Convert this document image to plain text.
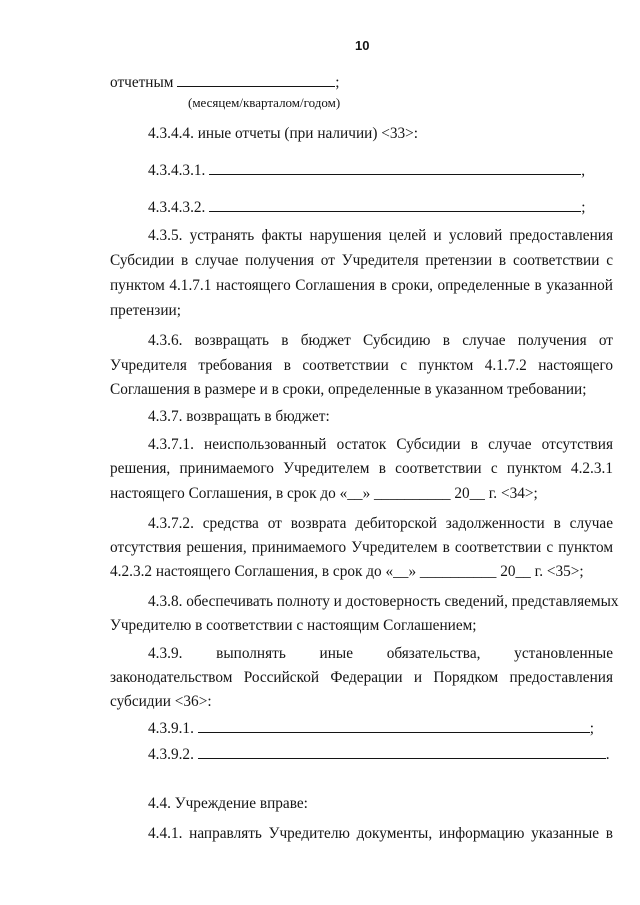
10
отчетным	;
(месяцем/кварталом/годом)
4.3.4.4. иные отчеты (при наличии) <33>:
4.3.4.3.1.	,
4.3.4.3.2.	;
4.3.5. устранять факты нарушения целей и условий предоставления
Субсидии в случае получения от Учредителя претензии в соответствии с
пунктом 4.1.7.1 настоящего Соглашения в сроки, определенные в указанной
претензии;
4.3.6. возвращать в бюджет Субсидию в случае получения от
Учредителя требования в соответствии с пунктом 4.1.7.2 настоящего
Соглашения в размере и в сроки, определенные в указанном требовании;
4.3.7. возвращать в бюджет:
4.3.7.1. неиспользованный остаток Субсидии в случае отсутствия
решения, принимаемого Учредителем в соответствии с пунктом 4.2.3.1
настоящего Соглашения, в срок до «__» __________ 20__ г. <34>;
4.3.7.2. средства от возврата дебиторской задолженности в случае
отсутствия решения, принимаемого Учредителем в соответствии с пунктом
4.2.3.2 настоящего Соглашения, в срок до «__» __________ 20__ г. <35>;
4.3.8. обеспечивать полноту и достоверность сведений, представляемых
Учредителю в соответствии с настоящим Соглашением;
4.3.9. выполнять иные обязательства, установленные
законодательством Российской Федерации и Порядком предоставления
субсидии <36>:
4.3.9.1.	;
4.3.9.2.	.
4.4. Учреждение вправе:
4.4.1. направлять Учредителю документы, информацию указанные в
